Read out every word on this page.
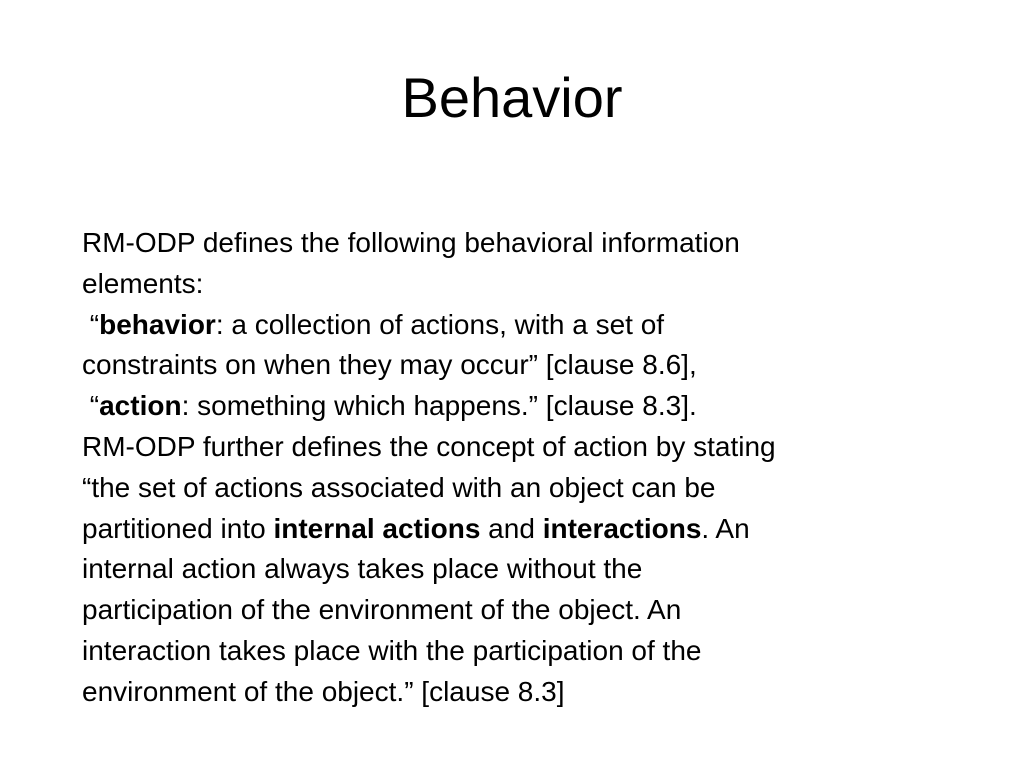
Behavior
RM-ODP defines the following behavioral information
elements:
“behavior: a collection of actions, with a set of
constraints on when they may occur” [clause 8.6],
“action: something which happens.” [clause 8.3].
RM-ODP further defines the concept of action by stating
“the set of actions associated with an object can be
partitioned into internal actions and interactions. An
internal action always takes place without the
participation of the environment of the object. An
interaction takes place with the participation of the
environment of the object.” [clause 8.3]
